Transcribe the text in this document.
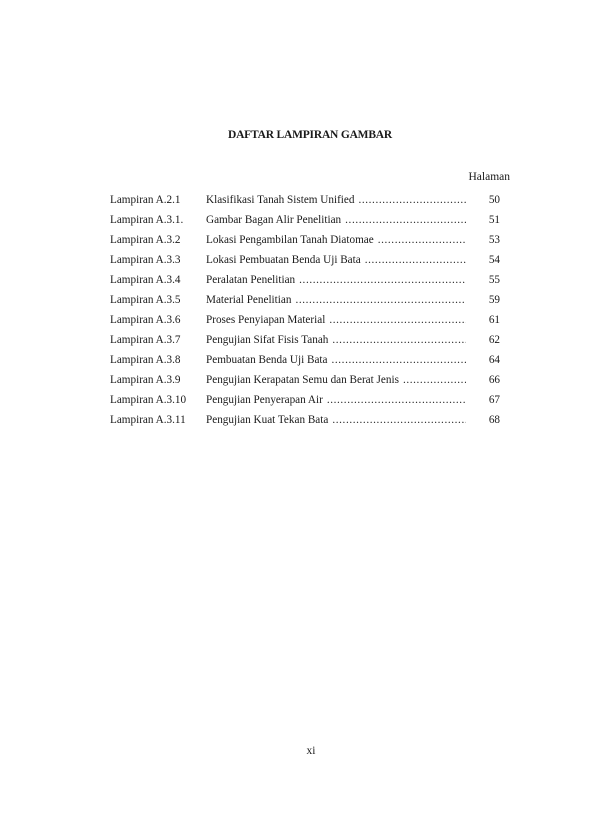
DAFTAR LAMPIRAN GAMBAR
Halaman
Lampiran A.2.1	Klasifikasi Tanah Sistem Unified .....	50
Lampiran A.3.1.	Gambar Bagan Alir Penelitian .....	51
Lampiran A.3.2	Lokasi Pengambilan Tanah Diatomae .....	53
Lampiran A.3.3	Lokasi Pembuatan Benda Uji Bata .....	54
Lampiran A.3.4	Peralatan Penelitian .....	55
Lampiran A.3.5	Material Penelitian .....	59
Lampiran A.3.6	Proses Penyiapan Material .....	61
Lampiran A.3.7	Pengujian Sifat Fisis Tanah .....	62
Lampiran A.3.8	Pembuatan Benda Uji Bata .....	64
Lampiran A.3.9	Pengujian Kerapatan Semu dan Berat Jenis .....	66
Lampiran A.3.10	Pengujian Penyerapan Air .....	67
Lampiran A.3.11	Pengujian Kuat Tekan Bata .....	68
xi
